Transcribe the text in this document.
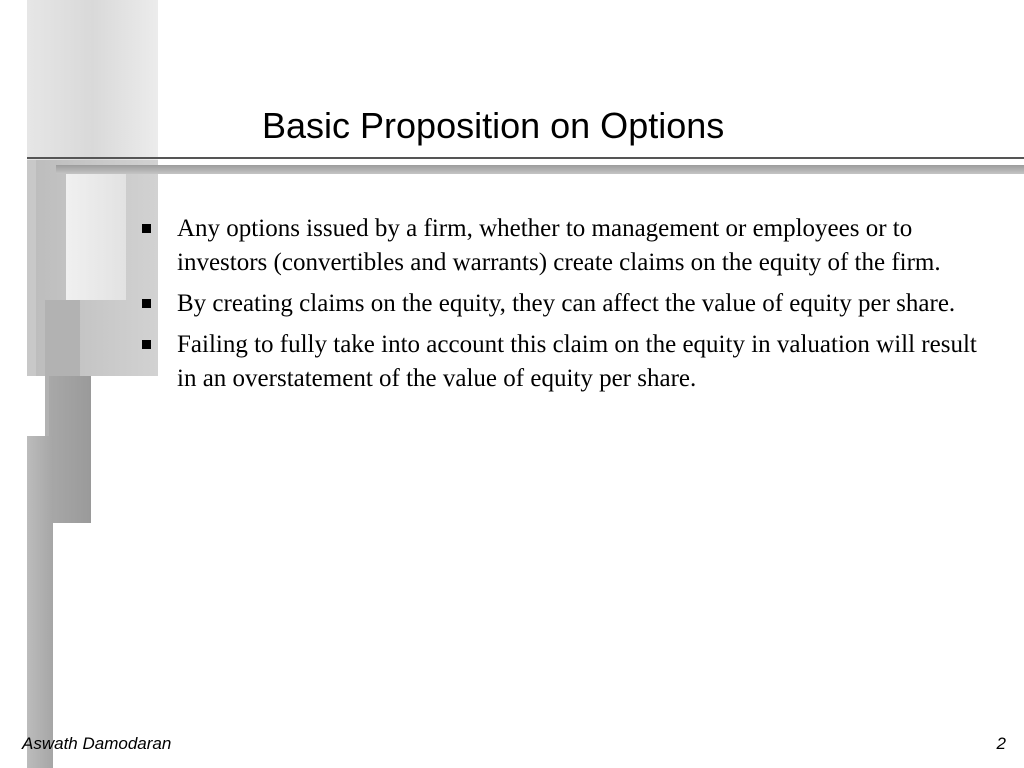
Basic Proposition on Options
Any options issued by a firm, whether to management or employees or to investors (convertibles and warrants) create claims on the equity of the firm.
By creating claims on the equity, they can affect the value of equity per share.
Failing to fully take into account this claim on the equity in valuation will result in an overstatement of the value of equity per share.
Aswath Damodaran	2
